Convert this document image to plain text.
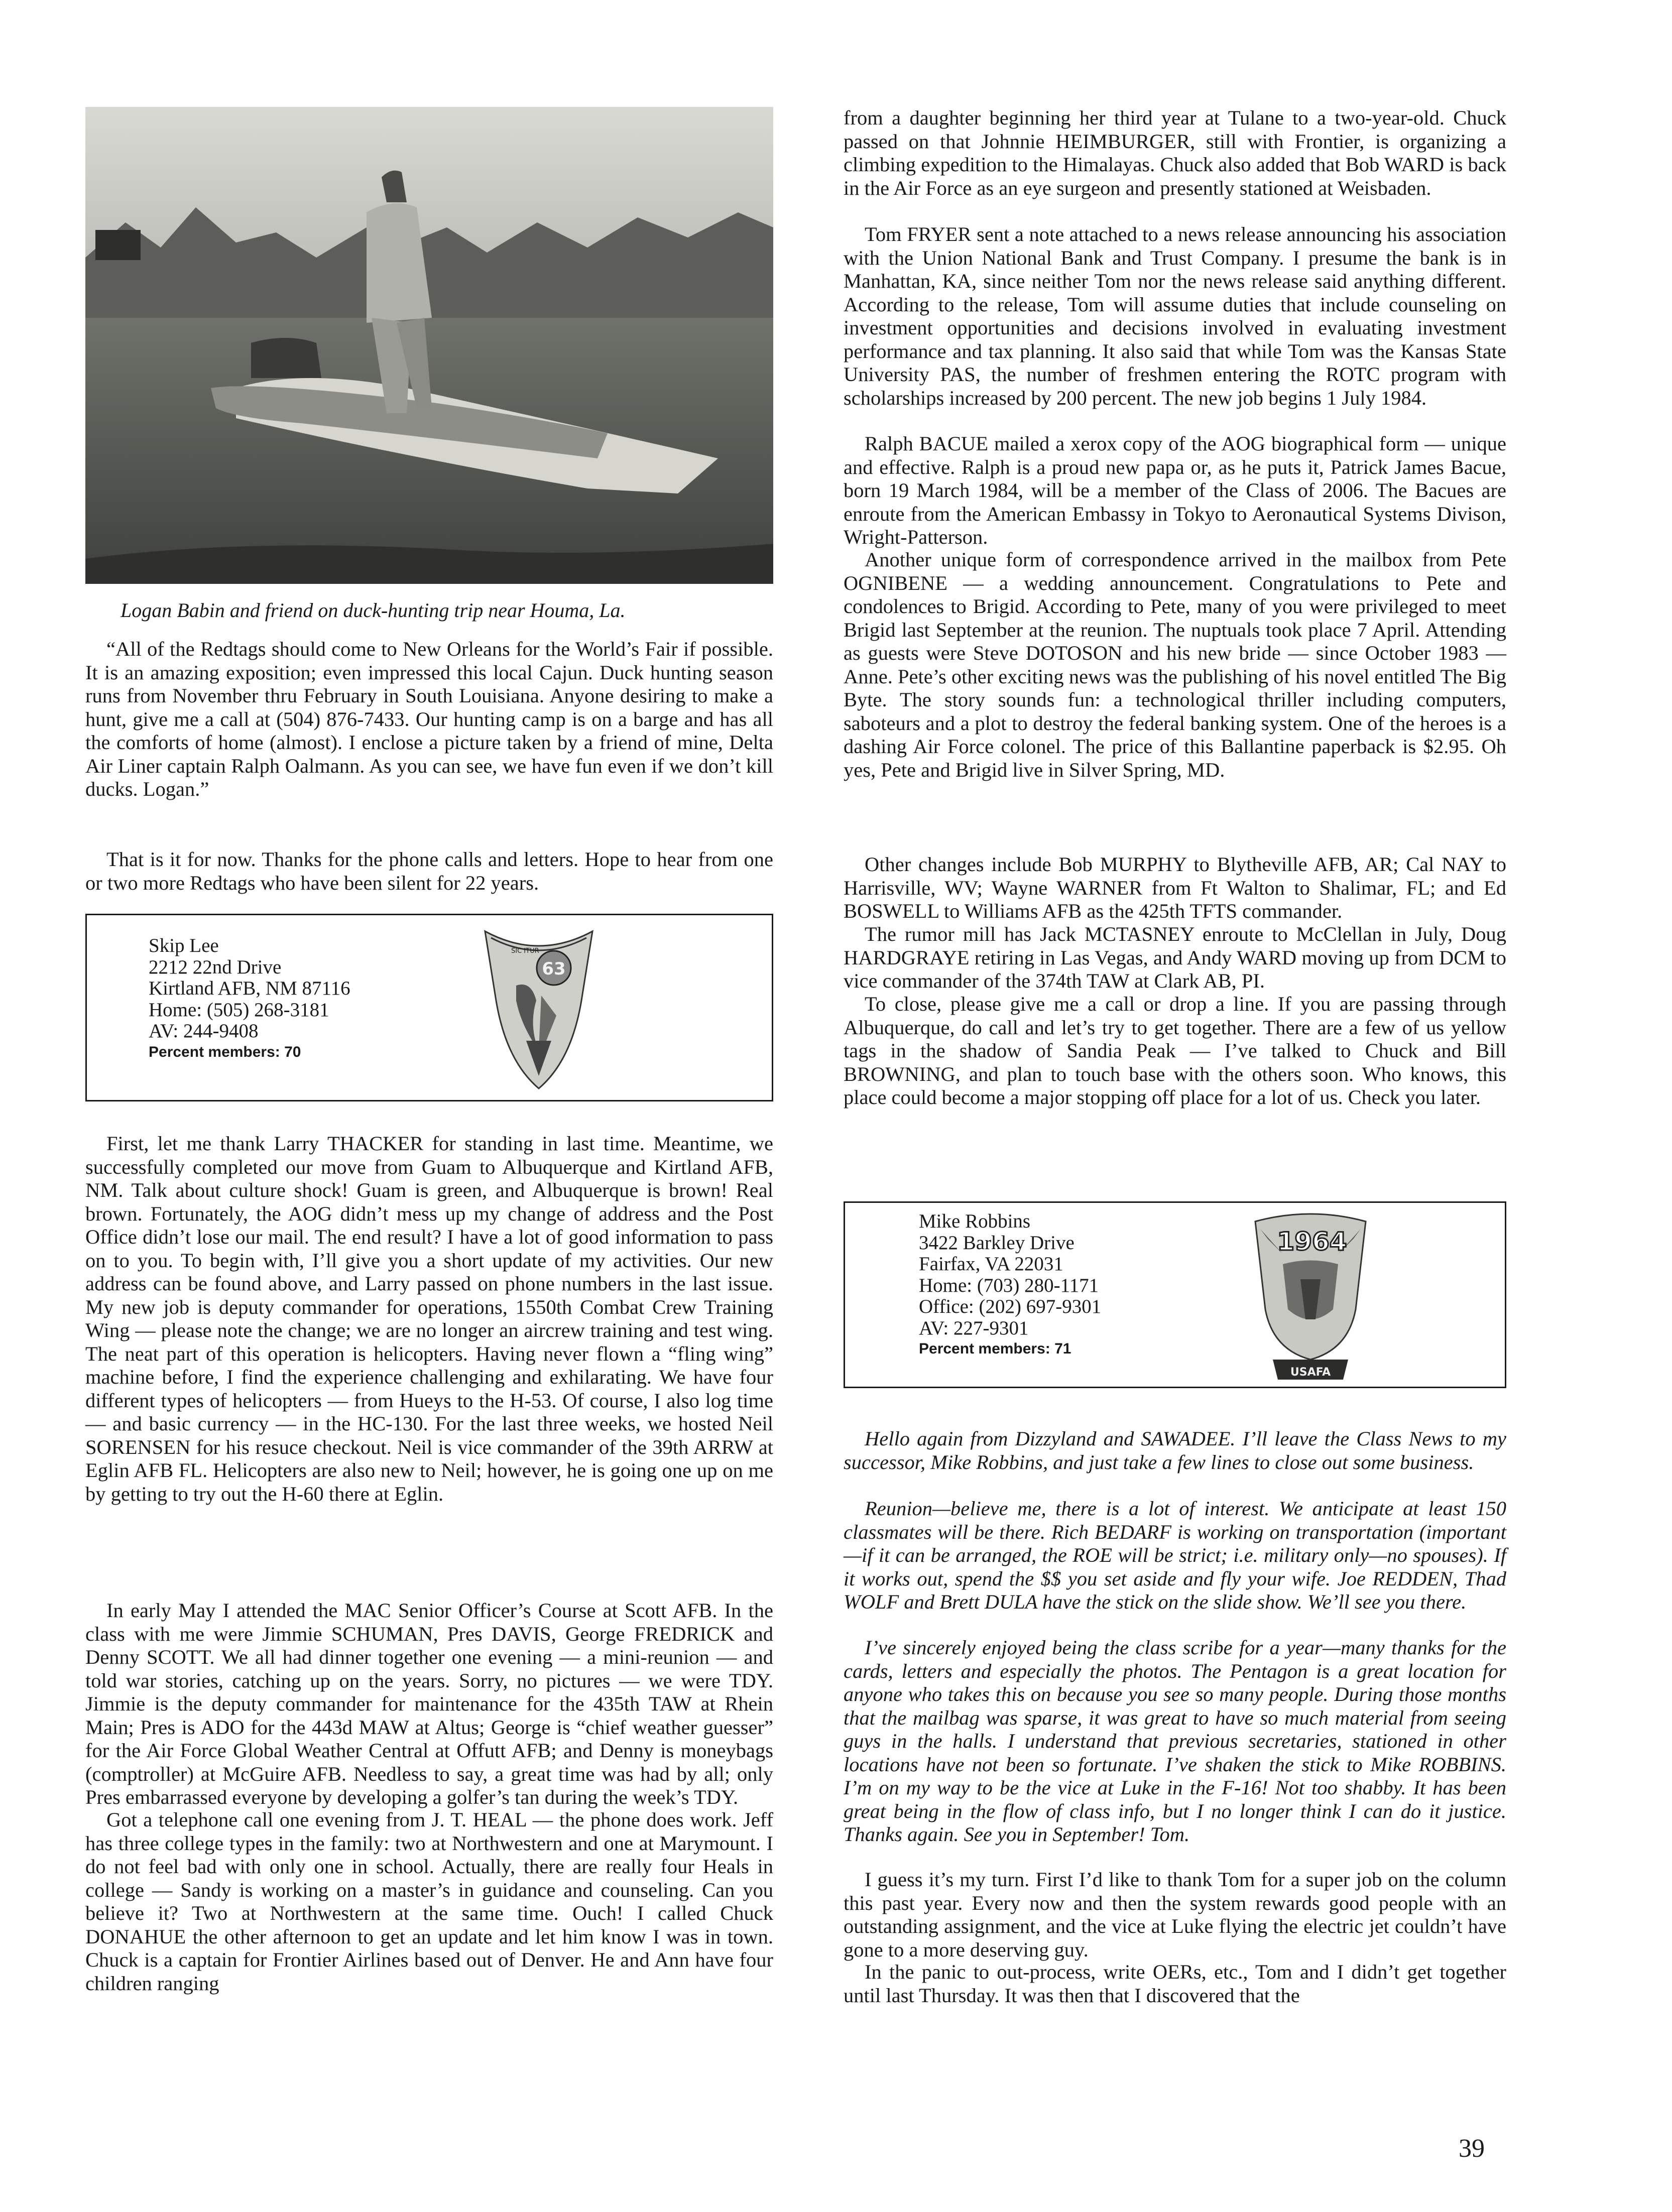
Logan Babin and friend on duck-hunting trip near Houma, La.

“All of the Redtags should come to New Orleans for the World’s Fair if possible. It is an amazing exposition; even impressed this local Cajun. Duck hunting season runs from November thru February in South Louisiana. Anyone desiring to make a hunt, give me a call at (504) 876-7433. Our hunting camp is on a barge and has all the comforts of home (almost). I enclose a picture taken by a friend of mine, Delta Air Liner captain Ralph Oalmann. As you can see, we have fun even if we don’t kill ducks. Logan.”

That is it for now. Thanks for the phone calls and letters. Hope to hear from one or two more Redtags who have been silent for 22 years.

Skip Lee
2212 22nd Drive
Kirtland AFB, NM 87116
Home: (505) 268-3181
AV: 244-9408
Percent members: 70
SIC ITUR
63

First, let me thank Larry THACKER for standing in last time. Meantime, we successfully completed our move from Guam to Albuquerque and Kirtland AFB, NM. Talk about culture shock! Guam is green, and Albuquerque is brown! Real brown. Fortunately, the AOG didn’t mess up my change of address and the Post Office didn’t lose our mail. The end result? I have a lot of good information to pass on to you. To begin with, I’ll give you a short update of my activities. Our new address can be found above, and Larry passed on phone numbers in the last issue. My new job is deputy commander for operations, 1550th Combat Crew Training Wing — please note the change; we are no longer an aircrew training and test wing. The neat part of this operation is helicopters. Having never flown a “fling wing” machine before, I find the experience challenging and exhilarating. We have four different types of helicopters — from Hueys to the H-53. Of course, I also log time — and basic currency — in the HC-130. For the last three weeks, we hosted Neil SORENSEN for his resuce checkout. Neil is vice commander of the 39th ARRW at Eglin AFB FL. Helicopters are also new to Neil; however, he is going one up on me by getting to try out the H-60 there at Eglin.

In early May I attended the MAC Senior Officer’s Course at Scott AFB. In the class with me were Jimmie SCHUMAN, Pres DAVIS, George FREDRICK and Denny SCOTT. We all had dinner together one evening — a mini-reunion — and told war stories, catching up on the years. Sorry, no pictures — we were TDY. Jimmie is the deputy commander for maintenance for the 435th TAW at Rhein Main; Pres is ADO for the 443d MAW at Altus; George is “chief weather guesser” for the Air Force Global Weather Central at Offutt AFB; and Denny is moneybags (comptroller) at McGuire AFB. Needless to say, a great time was had by all; only Pres embarrassed everyone by developing a golfer’s tan during the week’s TDY.

Got a telephone call one evening from J. T. HEAL — the phone does work. Jeff has three college types in the family: two at Northwestern and one at Marymount. I do not feel bad with only one in school. Actually, there are really four Heals in college — Sandy is working on a master’s in guidance and counseling. Can you believe it? Two at Northwestern at the same time. Ouch! I called Chuck DONAHUE the other afternoon to get an update and let him know I was in town. Chuck is a captain for Frontier Airlines based out of Denver. He and Ann have four children ranging

from a daughter beginning her third year at Tulane to a two-year-old. Chuck passed on that Johnnie HEIMBURGER, still with Frontier, is organizing a climbing expedition to the Himalayas. Chuck also added that Bob WARD is back in the Air Force as an eye surgeon and presently stationed at Weisbaden.

Tom FRYER sent a note attached to a news release announcing his association with the Union National Bank and Trust Company. I presume the bank is in Manhattan, KA, since neither Tom nor the news release said anything different. According to the release, Tom will assume duties that include counseling on investment opportunities and decisions involved in evaluating investment performance and tax planning. It also said that while Tom was the Kansas State University PAS, the number of freshmen entering the ROTC program with scholarships increased by 200 percent. The new job begins 1 July 1984.

Ralph BACUE mailed a xerox copy of the AOG biographical form — unique and effective. Ralph is a proud new papa or, as he puts it, Patrick James Bacue, born 19 March 1984, will be a member of the Class of 2006. The Bacues are enroute from the American Embassy in Tokyo to Aeronautical Systems Divison, Wright-Patterson.

Another unique form of correspondence arrived in the mailbox from Pete OGNIBENE — a wedding announcement. Congratulations to Pete and condolences to Brigid. According to Pete, many of you were privileged to meet Brigid last September at the reunion. The nuptuals took place 7 April. Attending as guests were Steve DOTOSON and his new bride — since October 1983 — Anne. Pete’s other exciting news was the publishing of his novel entitled The Big Byte. The story sounds fun: a technological thriller including computers, saboteurs and a plot to destroy the federal banking system. One of the heroes is a dashing Air Force colonel. The price of this Ballantine paperback is $2.95. Oh yes, Pete and Brigid live in Silver Spring, MD.

Other changes include Bob MURPHY to Blytheville AFB, AR; Cal NAY to Harrisville, WV; Wayne WARNER from Ft Walton to Shalimar, FL; and Ed BOSWELL to Williams AFB as the 425th TFTS commander.

The rumor mill has Jack MCTASNEY enroute to McClellan in July, Doug HARDGRAYE retiring in Las Vegas, and Andy WARD moving up from DCM to vice commander of the 374th TAW at Clark AB, PI.

To close, please give me a call or drop a line. If you are passing through Albuquerque, do call and let’s try to get together. There are a few of us yellow tags in the shadow of Sandia Peak — I’ve talked to Chuck and Bill BROWNING, and plan to touch base with the others soon. Who knows, this place could become a major stopping off place for a lot of us. Check you later.

Mike Robbins
3422 Barkley Drive
Fairfax, VA 22031
Home: (703) 280-1171
Office: (202) 697-9301
AV: 227-9301
Percent members: 71
1964
USAFA

Hello again from Dizzyland and SAWADEE. I’ll leave the Class News to my successor, Mike Robbins, and just take a few lines to close out some business.

Reunion—believe me, there is a lot of interest. We anticipate at least 150 classmates will be there. Rich BEDARF is working on transportation (important—if it can be arranged, the ROE will be strict; i.e. military only—no spouses). If it works out, spend the $$ you set aside and fly your wife. Joe REDDEN, Thad WOLF and Brett DULA have the stick on the slide show. We’ll see you there.

I’ve sincerely enjoyed being the class scribe for a year—many thanks for the cards, letters and especially the photos. The Pentagon is a great location for anyone who takes this on because you see so many people. During those months that the mailbag was sparse, it was great to have so much material from seeing guys in the halls. I understand that previous secretaries, stationed in other locations have not been so fortunate. I’ve shaken the stick to Mike ROBBINS. I’m on my way to be the vice at Luke in the F-16! Not too shabby. It has been great being in the flow of class info, but I no longer think I can do it justice. Thanks again. See you in September! Tom.

I guess it’s my turn. First I’d like to thank Tom for a super job on the column this past year. Every now and then the system rewards good people with an outstanding assignment, and the vice at Luke flying the electric jet couldn’t have gone to a more deserving guy.

In the panic to out-process, write OERs, etc., Tom and I didn’t get together until last Thursday. It was then that I discovered that the

39
